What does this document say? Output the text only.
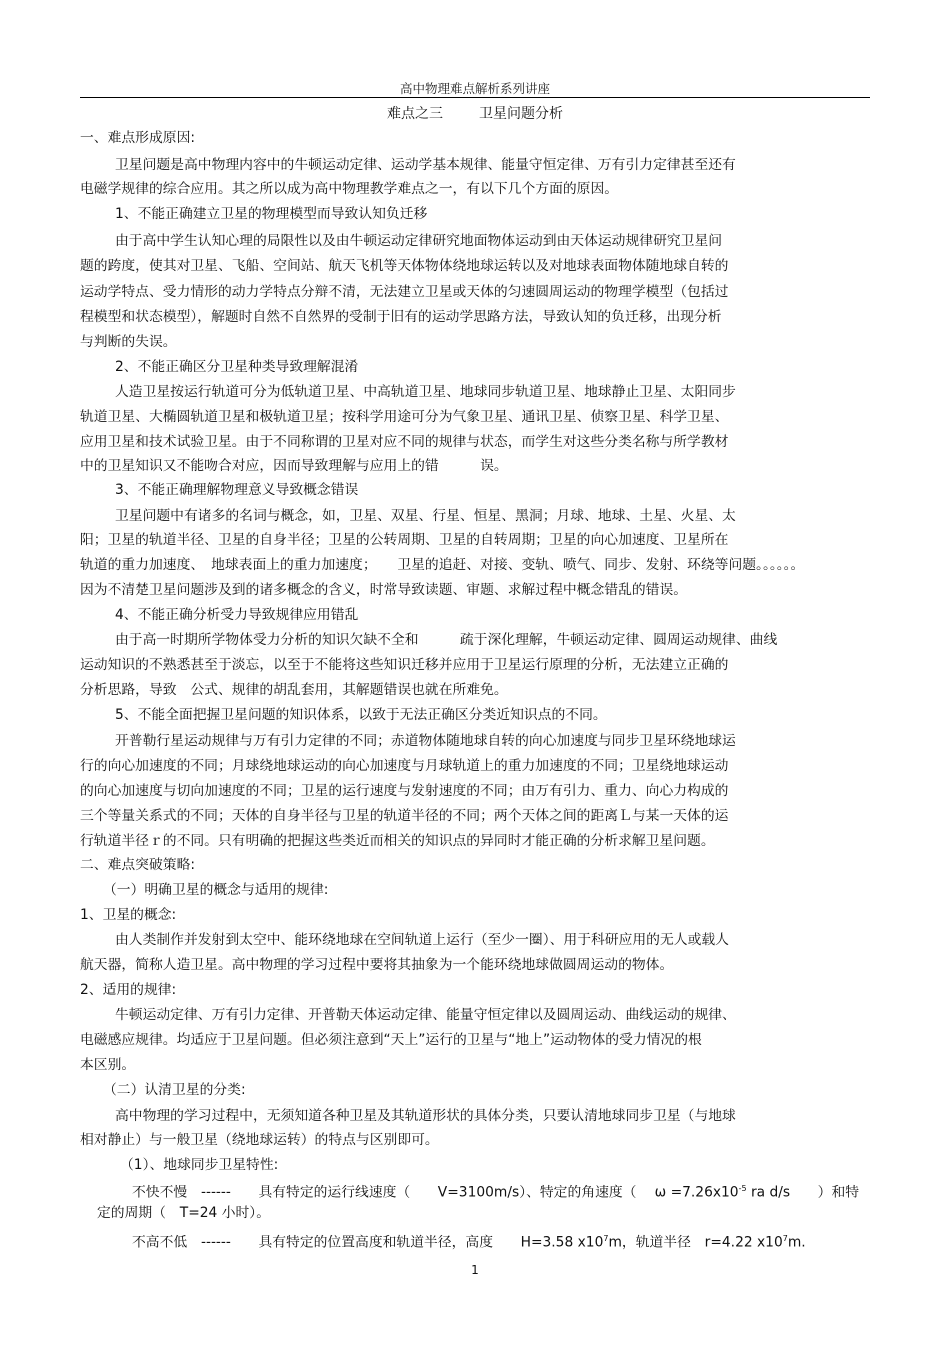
高中物理难点解析系列讲座
难点之三	卫星问题分析
一、难点形成原因:
卫星问题是高中物理内容中的牛顿运动定律、运动学基本规律、能量守恒定律、万有引力定律甚至还有
电磁学规律的综合应用。其之所以成为高中物理教学难点之一，有以下几个方面的原因。
1、不能正确建立卫星的物理模型而导致认知负迁移
由于高中学生认知心理的局限性以及由牛顿运动定律研究地面物体运动到由天体运动规律研究卫星问
题的跨度，使其对卫星、飞船、空间站、航天飞机等天体物体绕地球运转以及对地球表面物体随地球自转的
运动学特点、受力情形的动力学特点分辩不清，无法建立卫星或天体的匀速圆周运动的物理学模型（包括过
程模型和状态模型），解题时自然不自然界的受制于旧有的运动学思路方法，导致认知的负迁移，出现分析
与判断的失误。
2、不能正确区分卫星种类导致理解混淆
人造卫星按运行轨道可分为低轨道卫星、中高轨道卫星、地球同步轨道卫星、地球静止卫星、太阳同步
轨道卫星、大椭圆轨道卫星和极轨道卫星；按科学用途可分为气象卫星、通讯卫星、侦察卫星、科学卫星、
应用卫星和技术试验卫星。由于不同称谓的卫星对应不同的规律与状态，而学生对这些分类名称与所学教材
中的卫星知识又不能吻合对应，因而导致理解与应用上的错　　　误。
3、不能正确理解物理意义导致概念错误
卫星问题中有诸多的名词与概念，如，卫星、双星、行星、恒星、黑洞；月球、地球、土星、火星、太
阳；卫星的轨道半径、卫星的自身半径；卫星的公转周期、卫星的自转周期；卫星的向心加速度、卫星所在
轨道的重力加速度、　地球表面上的重力加速度；　　卫星的追赶、对接、变轨、喷气、同步、发射、环绕等问题。。。。。。
因为不清楚卫星问题涉及到的诸多概念的含义，时常导致读题、审题、求解过程中概念错乱的错误。
4、不能正确分析受力导致规律应用错乱
由于高一时期所学物体受力分析的知识欠缺不全和　　　疏于深化理解，牛顿运动定律、圆周运动规律、曲线
运动知识的不熟悉甚至于淡忘，以至于不能将这些知识迁移并应用于卫星运行原理的分析，无法建立正确的
分析思路，导致　公式、规律的胡乱套用，其解题错误也就在所难免。
5、不能全面把握卫星问题的知识体系，以致于无法正确区分类近知识点的不同。
开普勒行星运动规律与万有引力定律的不同；赤道物体随地球自转的向心加速度与同步卫星环绕地球运
行的向心加速度的不同；月球绕地球运动的向心加速度与月球轨道上的重力加速度的不同；卫星绕地球运动
的向心加速度与切向加速度的不同；卫星的运行速度与发射速度的不同；由万有引力、重力、向心力构成的
三个等量关系式的不同；天体的自身半径与卫星的轨道半径的不同；两个天体之间的距离Ｌ与某一天体的运
行轨道半径ｒ的不同。只有明确的把握这些类近而相关的知识点的异同时才能正确的分析求解卫星问题。
二、难点突破策略:
（一）明确卫星的概念与适用的规律:
1、卫星的概念:
由人类制作并发射到太空中、能环绕地球在空间轨道上运行（至少一圈）、用于科研应用的无人或载人
航天器，简称人造卫星。高中物理的学习过程中要将其抽象为一个能环绕地球做圆周运动的物体。
2、适用的规律:
牛顿运动定律、万有引力定律、开普勒天体运动定律、能量守恒定律以及圆周运动、曲线运动的规律、
电磁感应规律。均适应于卫星问题。但必须注意到“天上”运行的卫星与“地上”运动物体的受力情况的根
本区别。
（二）认清卫星的分类:
高中物理的学习过程中，无须知道各种卫星及其轨道形状的具体分类，只要认清地球同步卫星（与地球
相对静止）与一般卫星（绕地球运转）的特点与区别即可。
（1）、地球同步卫星特性:
不快不慢　------　　具有特定的运行线速度（　　V=3100m/s）、特定的角速度（　 $\omega =7.26x10^{-5}$ ra d/s　　）和特
定的周期（　T=24 小时）。
不高不低　------　　具有特定的位置高度和轨道半径，高度　　H=3.58 $x10^7m$，轨道半径　r=4.22 $x10^7m$.
1
